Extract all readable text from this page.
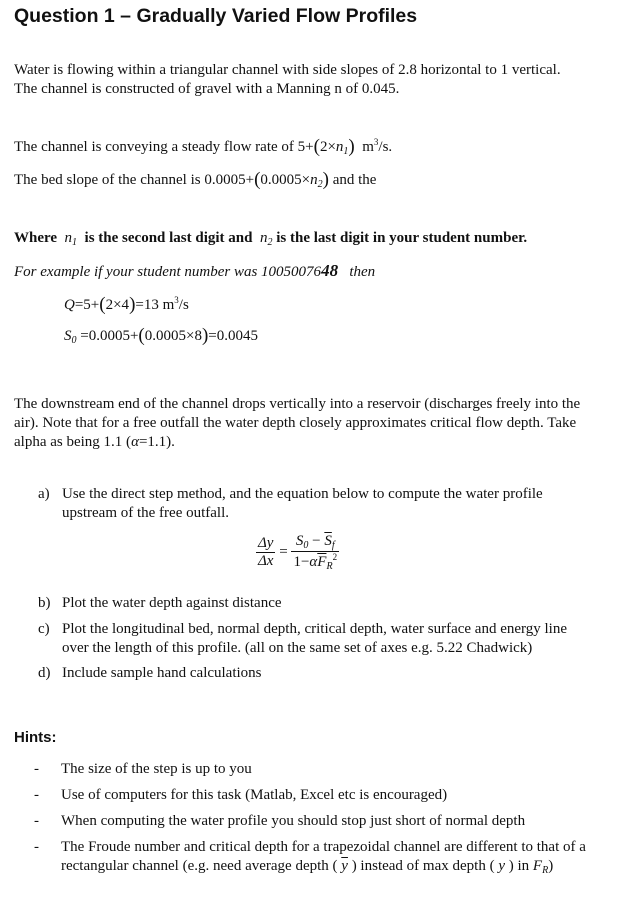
Question 1 – Gradually Varied Flow Profiles
Water is flowing within a triangular channel with side slopes of 2.8 horizontal to 1 vertical.
The channel is constructed of gravel with a Manning n of 0.045.
The channel is conveying a steady flow rate of $5+(2\times n_1)$ $m^3/s$.
The bed slope of the channel is $0.0005+(0.0005\times n_2)$ and the
Where $n_1$ is the second last digit and $n_2$ is the last digit in your student number.
For example if your student number was 1005007648 then
Q=5+(2×4)=13 $m^3/s$
$S_0 =0.0005+(0.0005\times 8)=0.0045$
The downstream end of the channel drops vertically into a reservoir (discharges freely into the
air). Note that for a free outfall the water depth closely approximates critical flow depth. Take
alpha as being 1.1 (α=1.1).
a) Use the direct step method, and the equation below to compute the water profile
upstream of the free outfall.
$\frac{\Delta y}{\Delta x} = \frac{S_0 - \overline{S}_f}{1-\alpha\overline{F}_R^2}$
b) Plot the water depth against distance
c) Plot the longitudinal bed, normal depth, critical depth, water surface and energy line
over the length of this profile. (all on the same set of axes e.g. 5.22 Chadwick)
d) Include sample hand calculations
Hints:
- The size of the step is up to you
- Use of computers for this task (Matlab, Excel etc is encouraged)
- When computing the water profile you should stop just short of normal depth
- The Froude number and critical depth for a trapezoidal channel are different to that of a
rectangular channel (e.g. need average depth ( $\overline{y}$ ) instead of max depth ( y ) in $F_R$)
